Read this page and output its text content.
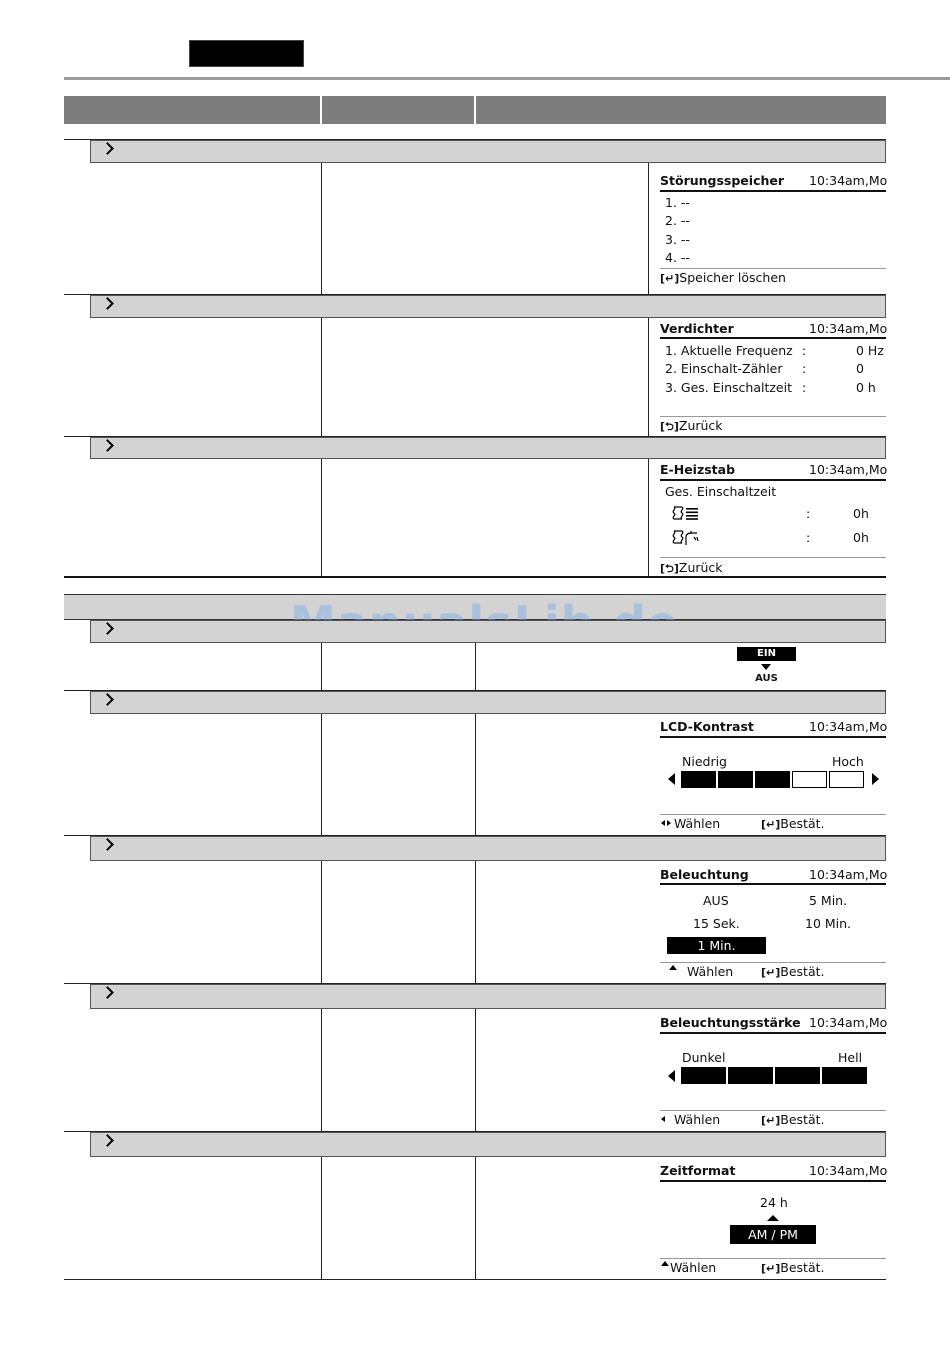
Störungsspeicher 10:34am,Mo
1. --
2. --
3. --
4. --
[↵]Speicher löschen
Verdichter	10:34am,Mo
1. Aktuelle Frequenz :	0 Hz
2. Einschalt-Zähler :	0
3. Ges. Einschaltzeit :	0 h
[⮌]Zurück
E-Heizstab	10:34am,Mo
Ges. Einschaltzeit
:	0h
:	0h
[⮌]Zurück
EIN
AUS
LCD-Kontrast	10:34am,Mo
Niedrig	Hoch
Wählen	[↵]Bestät.
Beleuchtung	10:34am,Mo
AUS	5 Min.
15 Sek.	10 Min.
1 Min.
Wählen	[↵]Bestät.
Beleuchtungsstärke 10:34am,Mo
Dunkel	Hell
Wählen	[↵]Bestät.
Zeitformat	10:34am,Mo
24 h
AM / PM
Wählen	[↵]Bestät.
